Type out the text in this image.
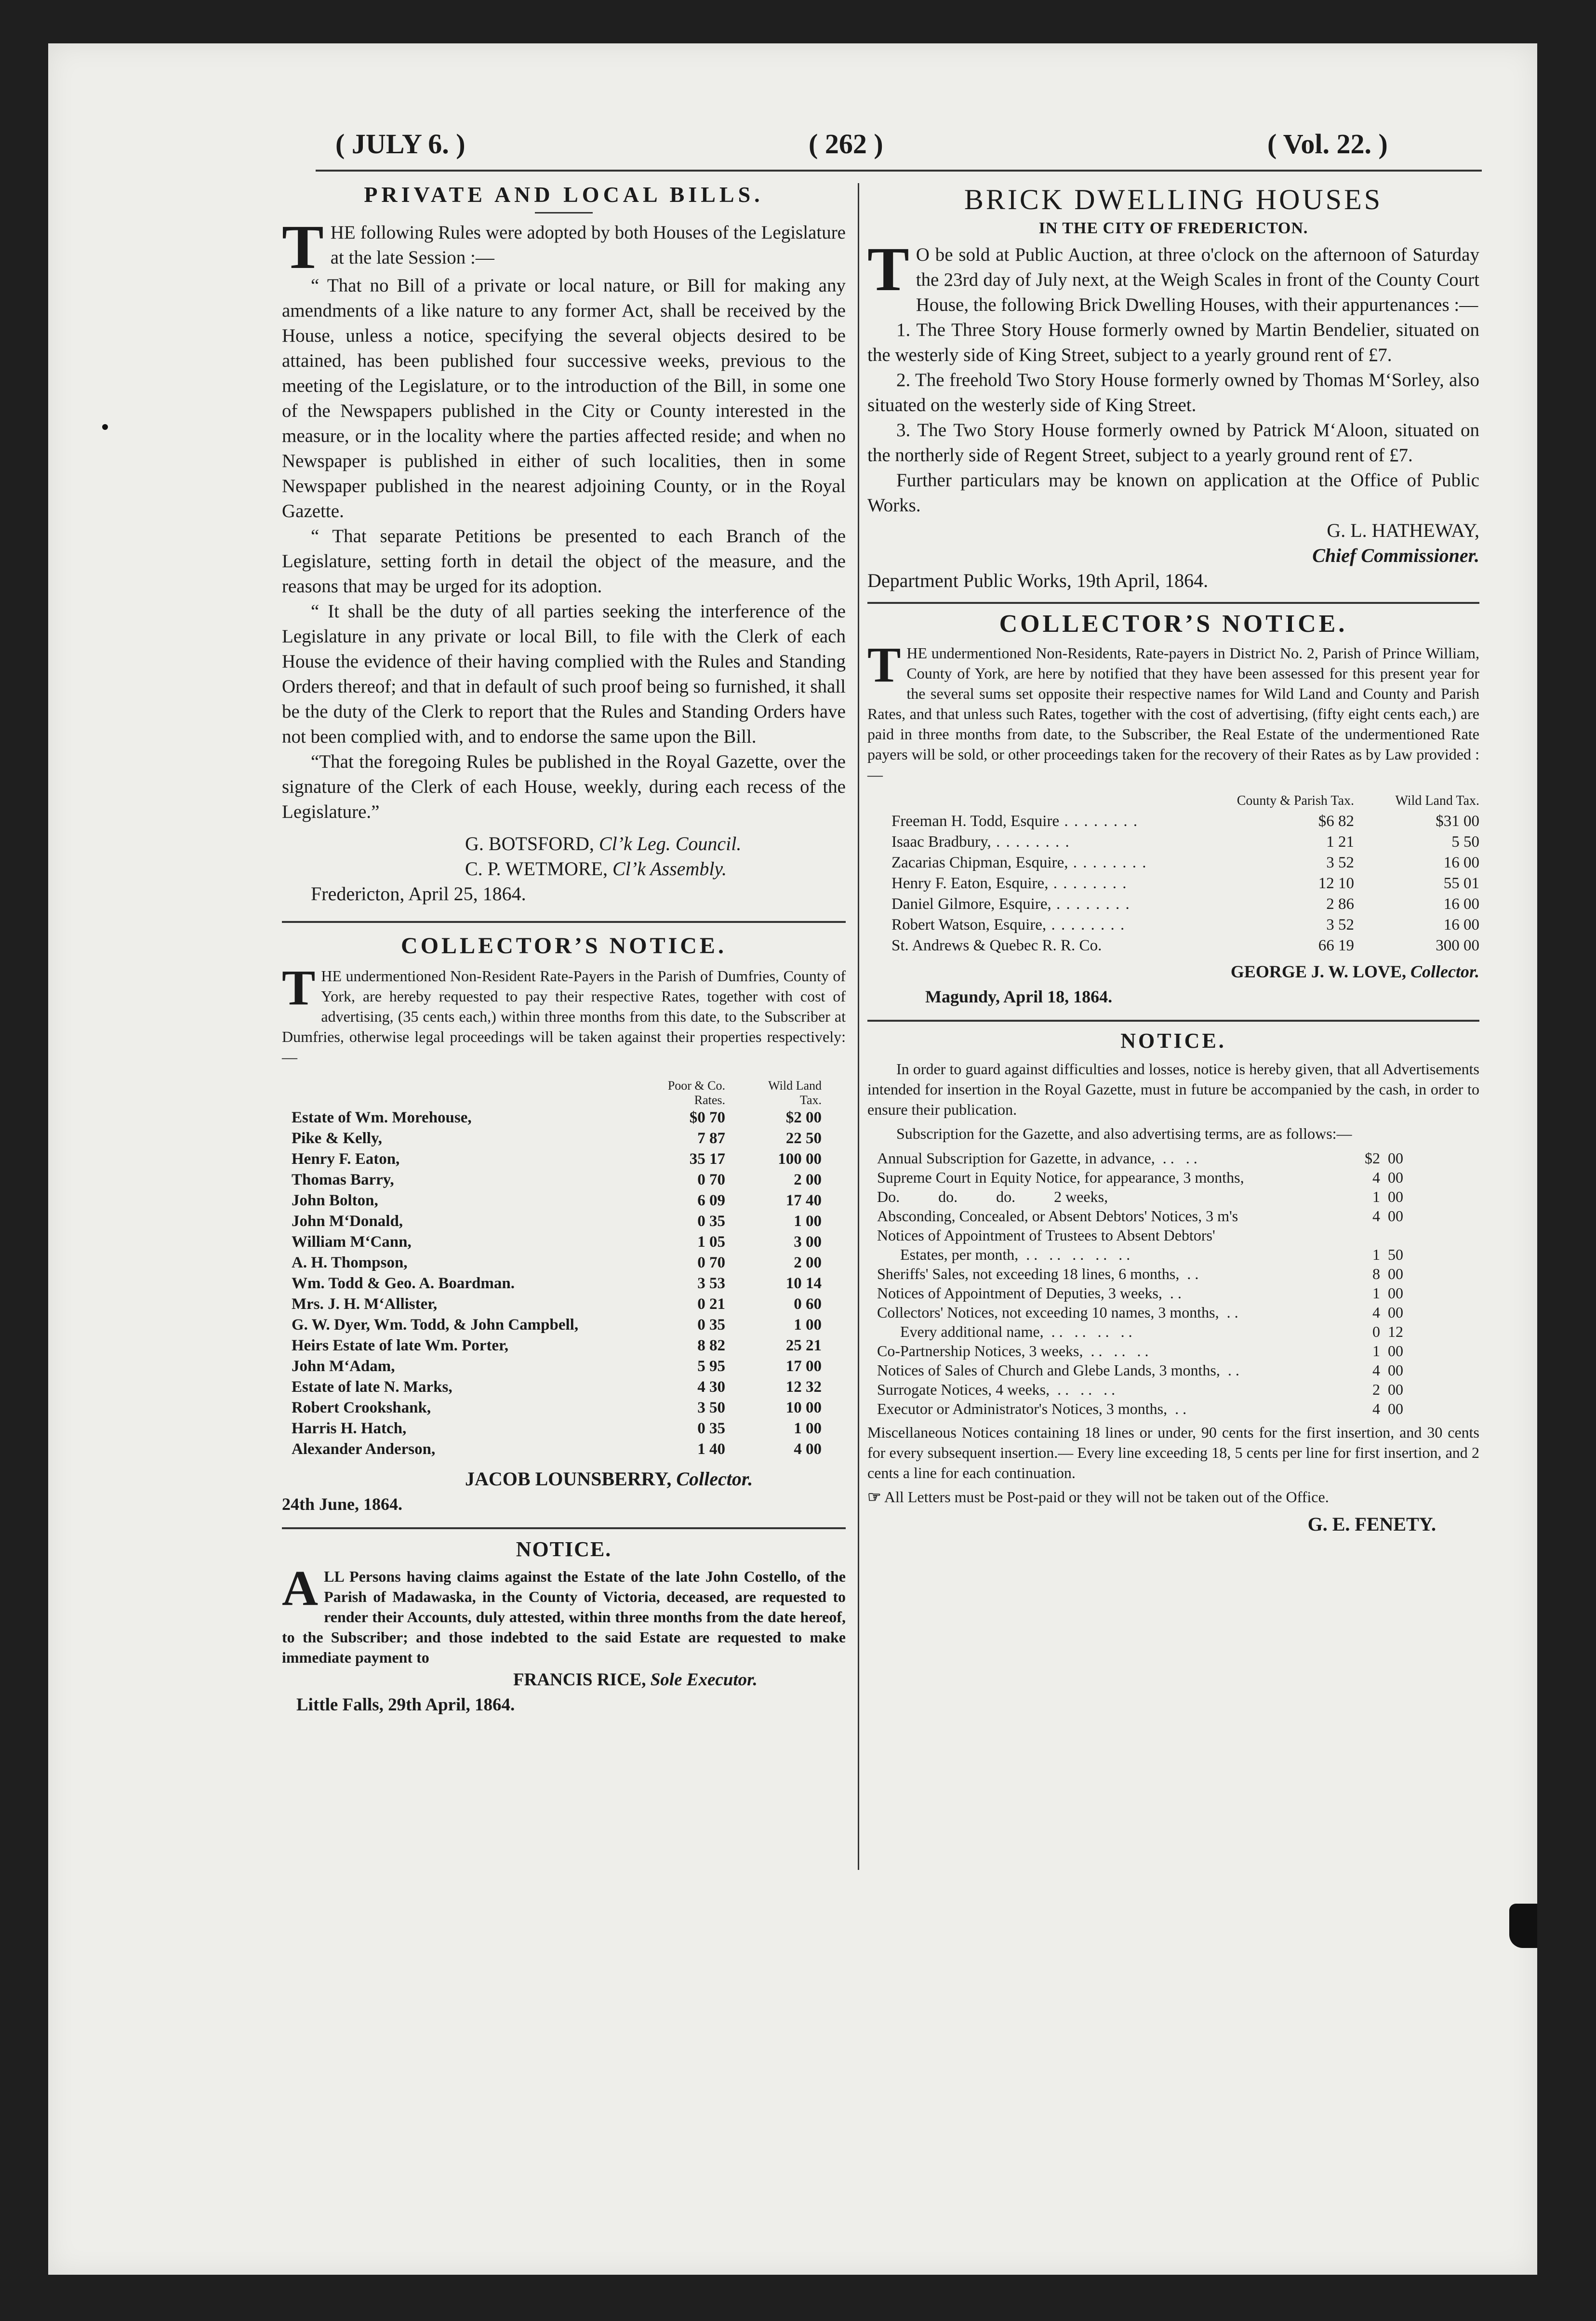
( JULY 6. )	( 262 )	( Vol. 22. )
PRIVATE AND LOCAL BILLS.

THE following Rules were adopted by both Houses of the Legislature at the late Session :—

“ That no Bill of a private or local nature, or Bill for making any amendments of a like nature to any former Act, shall be received by the House, unless a notice, specifying the several objects desired to be attained, has been published four successive weeks, previous to the meeting of the Legislature, or to the introduction of the Bill, in some one of the Newspapers published in the City or County interested in the measure, or in the locality where the parties affected reside; and when no Newspaper is published in either of such localities, then in some Newspaper published in the nearest adjoining County, or in the Royal Gazette.

“ That separate Petitions be presented to each Branch of the Legislature, setting forth in detail the object of the measure, and the reasons that may be urged for its adoption.

“ It shall be the duty of all parties seeking the interference of the Legislature in any private or local Bill, to file with the Clerk of each House the evidence of their having complied with the Rules and Standing Orders thereof; and that in default of such proof being so furnished, it shall be the duty of the Clerk to report that the Rules and Standing Orders have not been complied with, and to endorse the same upon the Bill.

“That the foregoing Rules be published in the Royal Gazette, over the signature of the Clerk of each House, weekly, during each recess of the Legislature.”

G. BOTSFORD, Cl’k Leg. Council.
C. P. WETMORE, Cl’k Assembly.
Fredericton, April 25, 1864.
COLLECTOR’S NOTICE.

THE undermentioned Non-Resident Rate-Payers in the Parish of Dumfries, County of York, are hereby requested to pay their respective Rates, together with cost of advertising, (35 cents each,) within three months from this date, to the Subscriber at Dumfries, otherwise legal proceedings will be taken against their properties respectively:—

	Poor & Co.
Rates.	Wild Land
Tax.
Estate of Wm. Morehouse,	$0 70	$2 00
Pike & Kelly,	7 87	22 50
Henry F. Eaton,	35 17	100 00
Thomas Barry,	0 70	2 00
John Bolton,	6 09	17 40
John M‘Donald,	0 35	1 00
William M‘Cann,	1 05	3 00
A. H. Thompson,	0 70	2 00
Wm. Todd & Geo. A. Boardman.	3 53	10 14
Mrs. J. H. M‘Allister,	0 21	0 60
G. W. Dyer, Wm. Todd, & John Campbell,	0 35	1 00
Heirs Estate of late Wm. Porter,	8 82	25 21
John M‘Adam,	5 95	17 00
Estate of late N. Marks,	4 30	12 32
Robert Crookshank,	3 50	10 00
Harris H. Hatch,	0 35	1 00
Alexander Anderson,	1 40	4 00
JACOB LOUNSBERRY, Collector.
24th June, 1864.
NOTICE.

ALL Persons having claims against the Estate of the late John Costello, of the Parish of Madawaska, in the County of Victoria, deceased, are requested to render their Accounts, duly attested, within three months from the date hereof, to the Subscriber; and those indebted to the said Estate are requested to make immediate payment to

FRANCIS RICE, Sole Executor.
Little Falls, 29th April, 1864.
BRICK DWELLING HOUSES
IN THE CITY OF FREDERICTON.

T O be sold at Public Auction, at three o'clock on the afternoon of Saturday the 23rd day of July next, at the Weigh Scales in front of the County Court House, the following Brick Dwelling Houses, with their appurtenances :—

1. The Three Story House formerly owned by Martin Bendelier, situated on the westerly side of King Street, subject to a yearly ground rent of £7.

2. The freehold Two Story House formerly owned by Thomas M‘Sorley, also situated on the westerly side of King Street.

3. The Two Story House formerly owned by Patrick M‘Aloon, situated on the northerly side of Regent Street, subject to a yearly ground rent of £7.

Further particulars may be known on application at the Office of Public Works.

G. L. HATHEWAY,
Chief Commissioner.
Department Public Works, 19th April, 1864.
COLLECTOR’S NOTICE.

THE undermentioned Non-Residents, Rate-payers in District No. 2, Parish of Prince William, County of York, are here by notified that they have been assessed for this present year for the several sums set opposite their respective names for Wild Land and County and Parish Rates, and that unless such Rates, together with the cost of advertising, (fifty eight cents each,) are paid in three months from date, to the Subscriber, the Real Estate of the undermentioned Rate payers will be sold, or other proceedings taken for the recovery of their Rates as by Law provided :—

	County & Parish Tax.	Wild Land Tax.
Freeman H. Todd, Esquire . . . . . . . .	$6 82	$31 00
Isaac Bradbury, . . . . . . . .	1 21	5 50
Zacarias Chipman, Esquire, . . . . . . . .	3 52	16 00
Henry F. Eaton, Esquire, . . . . . . . .	12 10	55 01
Daniel Gilmore, Esquire, . . . . . . . .	2 86	16 00
Robert Watson, Esquire, . . . . . . . .	3 52	16 00
St. Andrews & Quebec R. R. Co.	66 19	300 00
GEORGE J. W. LOVE, Collector.
Magundy, April 18, 1864.
NOTICE.

In order to guard against difficulties and losses, notice is hereby given, that all Advertisements intended for insertion in the Royal Gazette, must in future be accompanied by the cash, in order to ensure their publication.

Subscription for the Gazette, and also advertising terms, are as follows:—

Annual Subscription for Gazette, in advance, . .   . .	$2	00
Supreme Court in Equity Notice, for appearance, 3 months,	4	00
Do.          do.          do.          2 weeks,	1	00
Absconding, Concealed, or Absent Debtors' Notices, 3 m's	4	00
Notices of Appointment of Trustees to Absent Debtors'		
Estates, per month, . .   . .   . .   . .   . .	1	50
Sheriffs' Sales, not exceeding 18 lines, 6 months, . .	8	00
Notices of Appointment of Deputies, 3 weeks, . .	1	00
Collectors' Notices, not exceeding 10 names, 3 months, . .	4	00
Every additional name, . .   . .   . .   . .	0	12
Co-Partnership Notices, 3 weeks, . .   . .   . .	1	00
Notices of Sales of Church and Glebe Lands, 3 months, . .	4	00
Surrogate Notices, 4 weeks, . .   . .   . .	2	00
Executor or Administrator's Notices, 3 months, . .	4	00

Miscellaneous Notices containing 18 lines or under, 90 cents for the first insertion, and 30 cents for every subsequent insertion.— Every line exceeding 18, 5 cents per line for first insertion, and 2 cents a line for each continuation.

☞ All Letters must be Post-paid or they will not be taken out of the Office.

G. E. FENETY.
